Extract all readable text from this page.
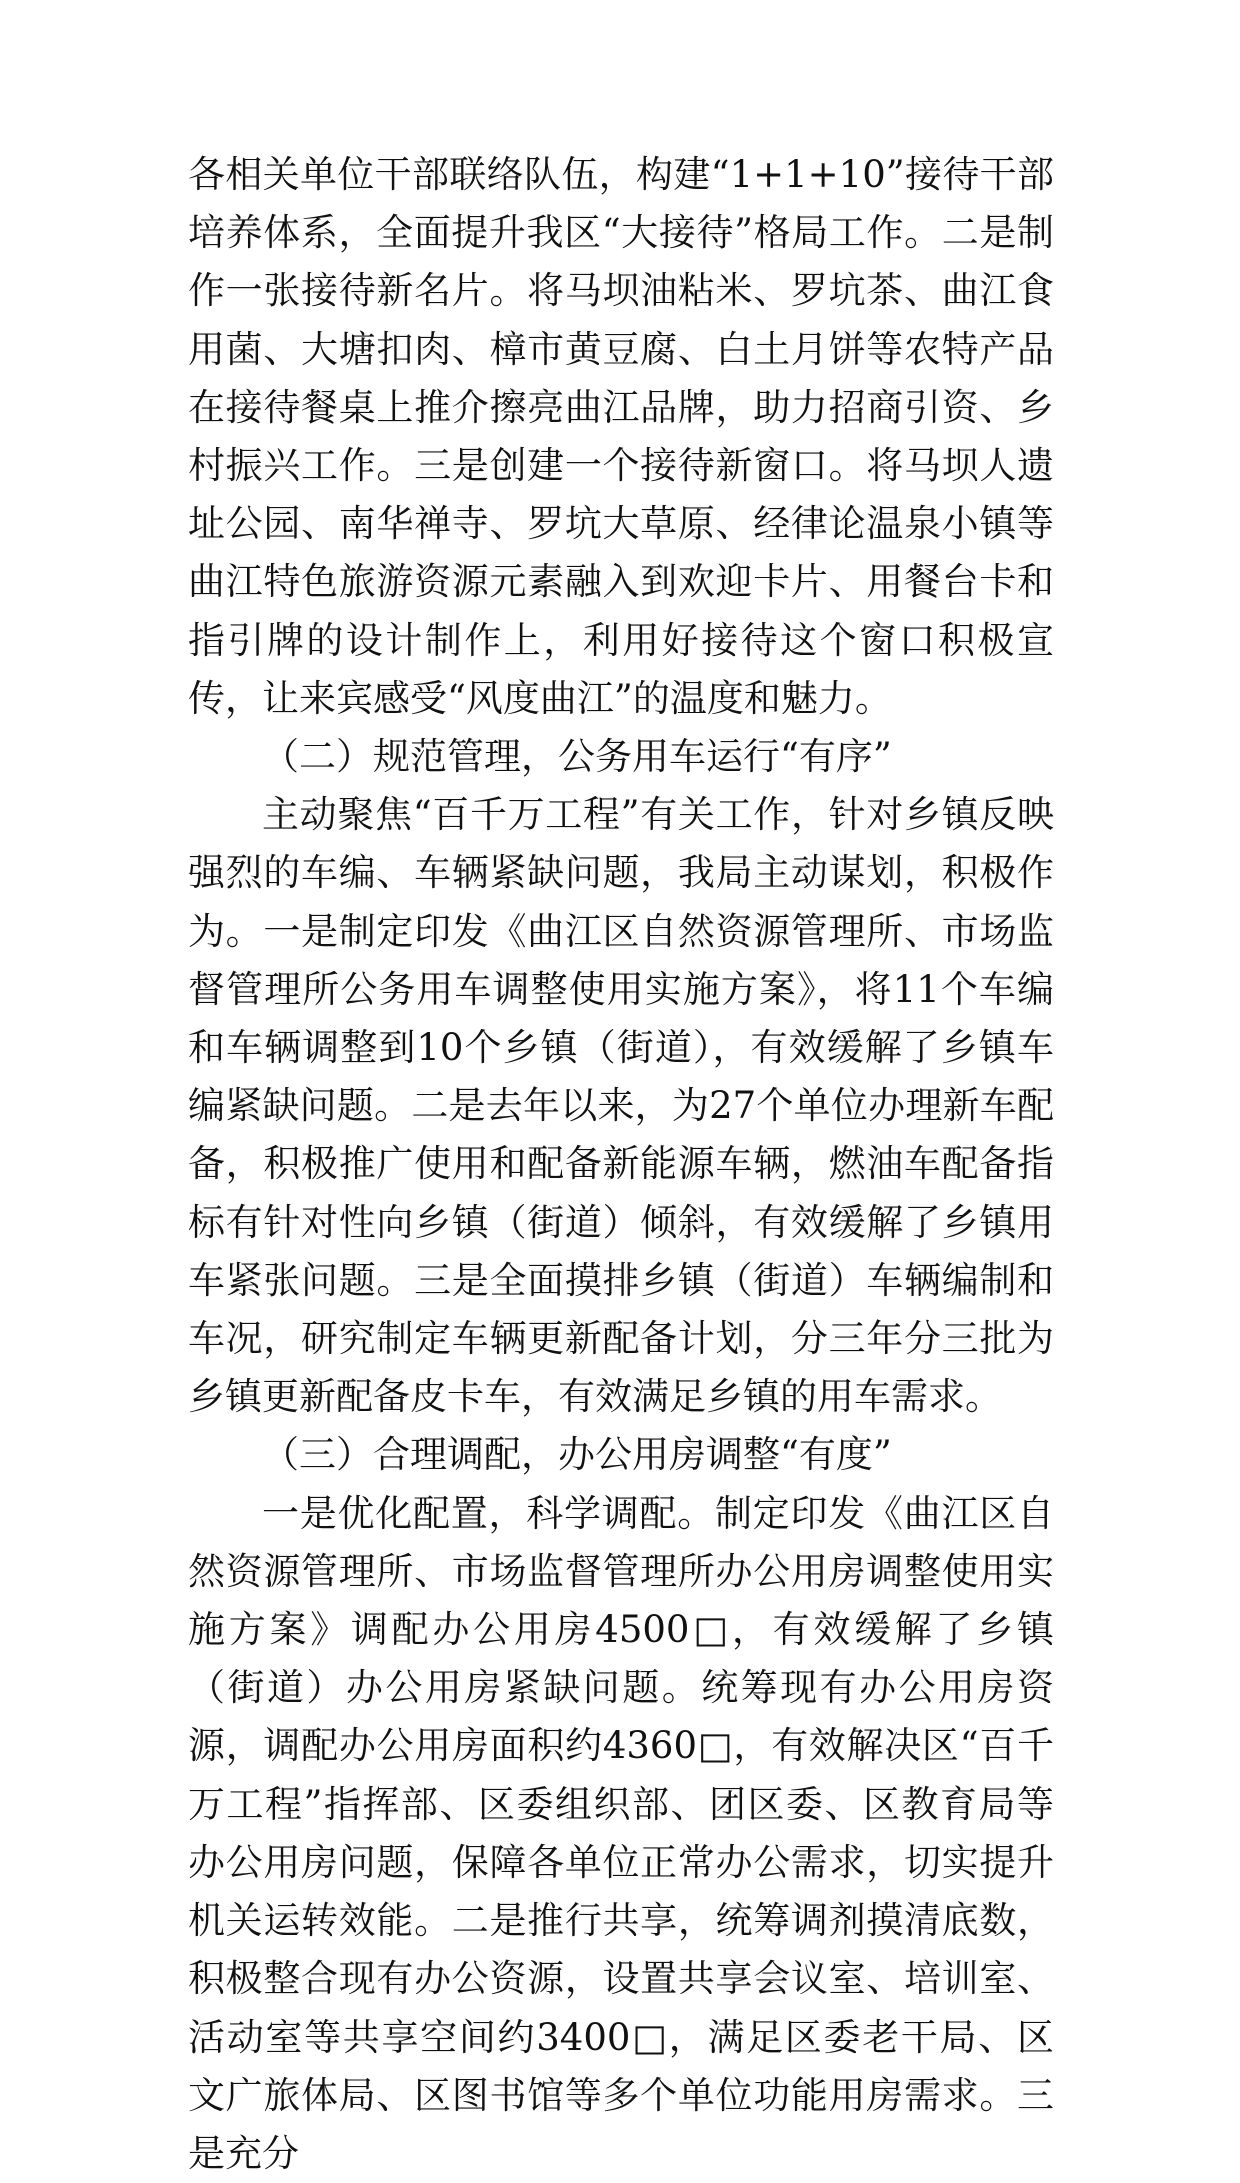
各相关单位干部联络队伍，构建“1+1+10”接待干部培养体系，全面提升我区“大接待”格局工作。二是制作一张接待新名片。将马坝油粘米、罗坑茶、曲江食用菌、大塘扣肉、樟市黄豆腐、白土月饼等农特产品在接待餐桌上推介擦亮曲江品牌，助力招商引资、乡村振兴工作。三是创建一个接待新窗口。将马坝人遗址公园、南华禅寺、罗坑大草原、经律论温泉小镇等曲江特色旅游资源元素融入到欢迎卡片、用餐台卡和指引牌的设计制作上，利用好接待这个窗口积极宣传，让来宾感受“风度曲江”的温度和魅力。

（二）规范管理，公务用车运行“有序”

主动聚焦“百千万工程”有关工作，针对乡镇反映强烈的车编、车辆紧缺问题，我局主动谋划，积极作为。一是制定印发《曲江区自然资源管理所、市场监督管理所公务用车调整使用实施方案》，将11个车编和车辆调整到10个乡镇（街道），有效缓解了乡镇车编紧缺问题。二是去年以来，为27个单位办理新车配备，积极推广使用和配备新能源车辆，燃油车配备指标有针对性向乡镇（街道）倾斜，有效缓解了乡镇用车紧张问题。三是全面摸排乡镇（街道）车辆编制和车况，研究制定车辆更新配备计划，分三年分三批为乡镇更新配备皮卡车，有效满足乡镇的用车需求。

（三）合理调配，办公用房调整“有度”

一是优化配置，科学调配。制定印发《曲江区自然资源管理所、市场监督管理所办公用房调整使用实施方案》调配办公用房4500□，有效缓解了乡镇（街道）办公用房紧缺问题。统筹现有办公用房资源，调配办公用房面积约4360□，有效解决区“百千万工程”指挥部、区委组织部、团区委、区教育局等办公用房问题，保障各单位正常办公需求，切实提升机关运转效能。二是推行共享，统筹调剂摸清底数，积极整合现有办公资源，设置共享会议室、培训室、活动室等共享空间约3400□，满足区委老干局、区文广旅体局、区图书馆等多个单位功能用房需求。三是充分
